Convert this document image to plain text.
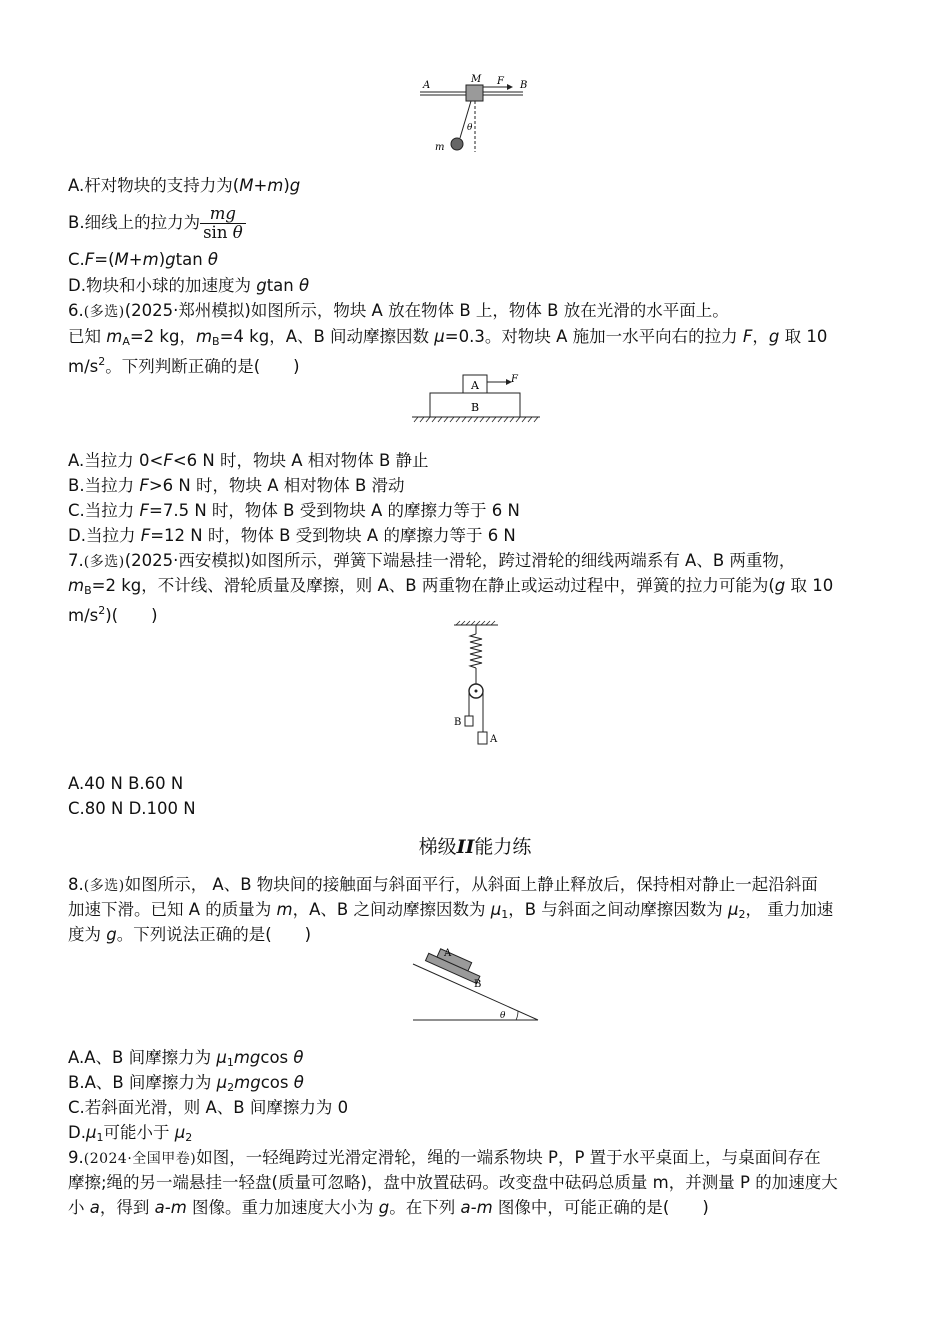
A
M F B
θ
m
A.杆对物块的支持力为(M+m)g
B.细线上的拉力为 $\frac{mg}{\text{sin θ}}$
C.F=(M+m)gtan θ
D.物块和小球的加速度为 gtan θ
6.(多选)(2025·郑州模拟)如图所示，物块 A 放在物体 B 上，物体 B 放在光滑的水平面上。
已知 $m_A=2$ kg，$m_B=4$ kg，A、B 间动摩擦因数 μ=0.3。对物块 A 施加一水平向右的拉力 F，g 取 10
$m/s^2$。下列判断正确的是(　　)
A
B
F
A.当拉力 0<F<6 N 时，物块 A 相对物体 B 静止
B.当拉力 F>6 N 时，物块 A 相对物体 B 滑动
C.当拉力 F=7.5 N 时，物体 B 受到物块 A 的摩擦力等于 6 N
D.当拉力 F=12 N 时，物体 B 受到物块 A 的摩擦力等于 6 N
7.(多选)(2025·西安模拟)如图所示，弹簧下端悬挂一滑轮，跨过滑轮的细线两端系有 A、B 两重物，
$m_B=2$ kg，不计线、滑轮质量及摩擦，则 A、B 两重物在静止或运动过程中，弹簧的拉力可能为(g 取 10
$m/s^2$)(　　)
B
A
A.40 N B.60 N
C.80 N D.100 N
梯级II能力练
8.(多选)如图所示， A、B 物块间的接触面与斜面平行，从斜面上静止释放后，保持相对静止一起沿斜面
加速下滑。已知 A 的质量为 m，A、B 之间动摩擦因数为 $\mu_1$，B 与斜面之间动摩擦因数为 $\mu_2$， 重力加速
度为 g。下列说法正确的是(　　)
A
B
θ
A.A、B 间摩擦力为 $\mu_1mgcos$ θ
B.A、B 间摩擦力为 $\mu_2mgcos$ θ
C.若斜面光滑，则 A、B 间摩擦力为 0
$D.\mu_1$可能小于 $\mu_2$
9.(2024·全国甲卷)如图，一轻绳跨过光滑定滑轮，绳的一端系物块 P，P 置于水平桌面上，与桌面间存在
摩擦;绳的另一端悬挂一轻盘(质量可忽略)，盘中放置砝码。改变盘中砝码总质量 m，并测量 P 的加速度大
小 a，得到 a-m 图像。重力加速度大小为 g。在下列 a-m 图像中，可能正确的是(　　)
